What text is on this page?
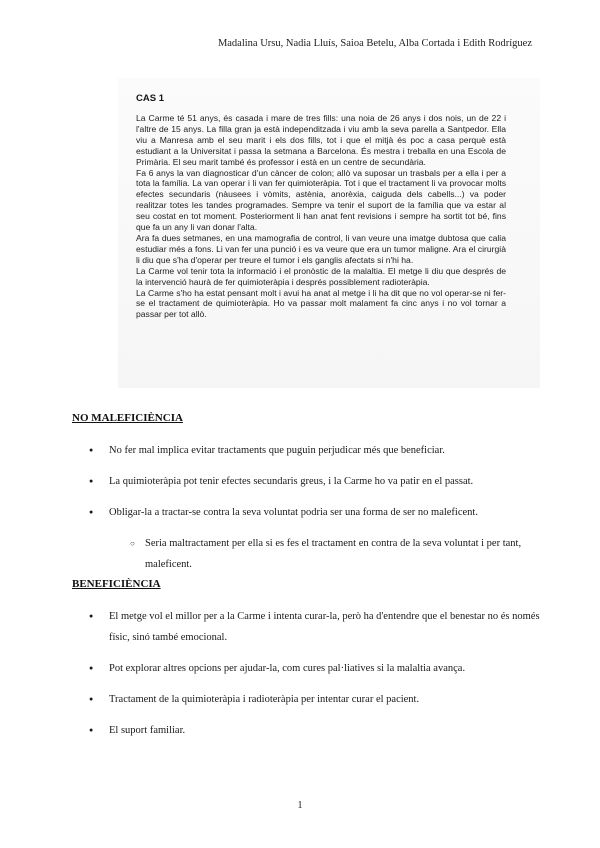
Madalina Ursu, Nadia Lluís, Saioa Betelu, Alba Cortada i Edith Rodríguez
CAS 1

La Carme té 51 anys, és casada i mare de tres fills: una noia de 26 anys i dos nois, un de 22 i l'altre de 15 anys. La filla gran ja està independitzada i viu amb la seva parella a Santpedor. Ella viu a Manresa amb el seu marit i els dos fills, tot i que el mitjà és poc a casa perquè està estudiant a la Universitat i passa la setmana a Barcelona. És mestra i treballa en una Escola de Primària. El seu marit també és professor i està en un centre de secundària.

Fa 6 anys la van diagnosticar d'un càncer de colon; allò va suposar un trasbals per a ella i per a tota la família. La van operar i li van fer quimioteràpia. Tot i que el tractament li va provocar molts efectes secundaris (nàusees i vòmits, astènia, anorèxia, caiguda dels cabells...) va poder realitzar totes les tandes programades. Sempre va tenir el suport de la família que va estar al seu costat en tot moment. Posteriorment li han anat fent revisions i sempre ha sortit tot bé, fins que fa un any li van donar l'alta.

Ara fa dues setmanes, en una mamografia de control, li van veure una imatge dubtosa que calia estudiar més a fons. Li van fer una punció i es va veure que era un tumor maligne. Ara el cirurgià li diu que s'ha d'operar per treure el tumor i els ganglis afectats si n'hi ha.

La Carme vol tenir tota la informació i el pronòstic de la malaltia. El metge li diu que després de la intervenció haurà de fer quimioteràpia i després possiblement radioteràpia.

La Carme s'ho ha estat pensant molt i avui ha anat al metge i li ha dit que no vol operar-se ni fer-se el tractament de quimioteràpia. Ho va passar molt malament fa cinc anys i no vol tornar a passar per tot allò.

NO MALEFICIÈNCIA
● No fer mal implica evitar tractaments que puguin perjudicar més que beneficiar.
● La quimioteràpia pot tenir efectes secundaris greus, i la Carme ho va patir en el passat.
● Obligar-la a tractar-se contra la seva voluntat podria ser una forma de ser no maleficent.
○ Seria maltractament per ella si es fes el tractament en contra de la seva voluntat i per tant, maleficent.
BENEFICIÈNCIA
● El metge vol el millor per a la Carme i intenta curar-la, però ha d'entendre que el benestar no és només físic, sinó també emocional.
● Pot explorar altres opcions per ajudar-la, com cures pal·liatives si la malaltia avança.
● Tractament de la quimioteràpia i radioteràpia per intentar curar el pacient.
● El suport familiar.
1
